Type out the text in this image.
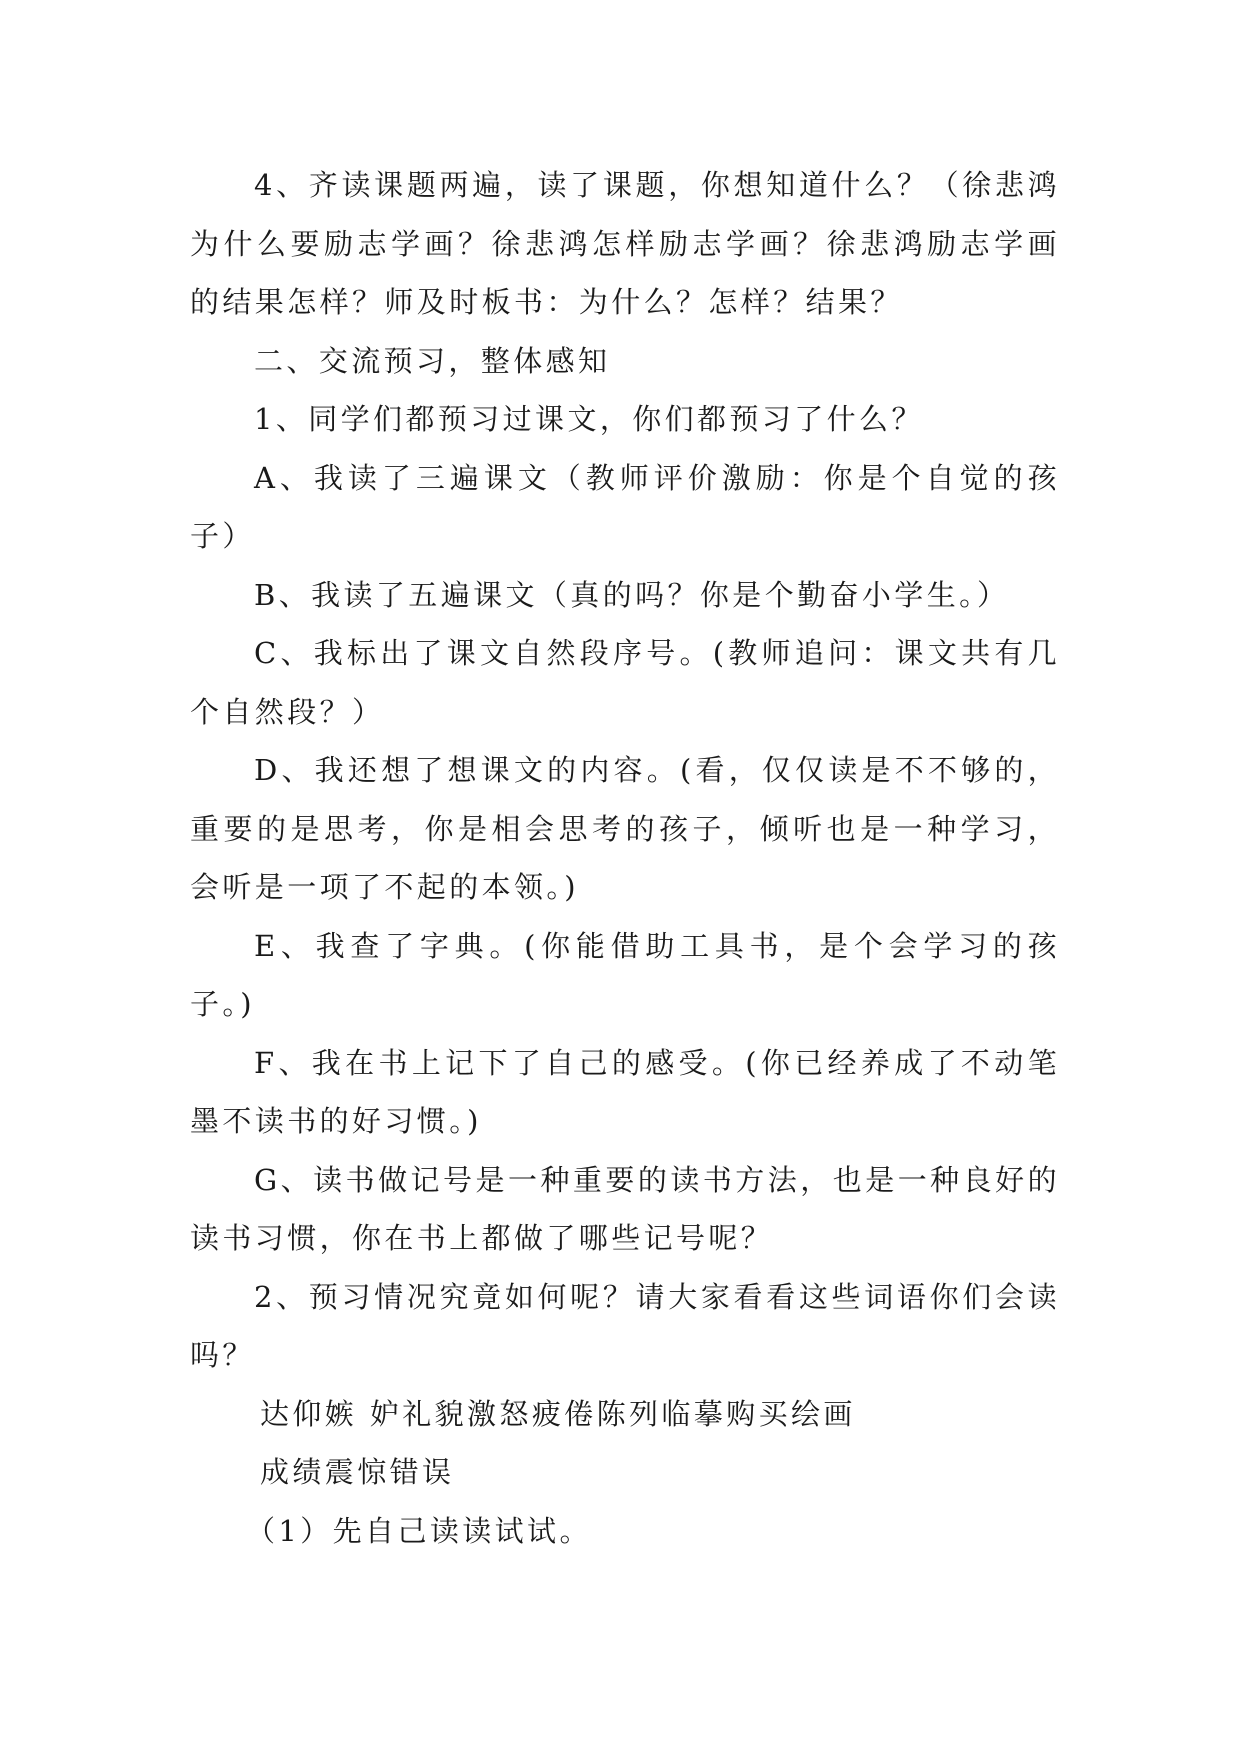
4、齐读课题两遍，读了课题，你想知道什么？（徐悲鸿为什么要励志学画？徐悲鸿怎样励志学画？徐悲鸿励志学画的结果怎样？师及时板书：为什么？怎样？结果？

二、交流预习，整体感知

1、同学们都预习过课文，你们都预习了什么？

A、我读了三遍课文（教师评价激励：你是个自觉的孩子）

B、我读了五遍课文（真的吗？你是个勤奋小学生。）

C、我标出了课文自然段序号。(教师追问：课文共有几个自然段？）

D、我还想了想课文的内容。(看，仅仅读是不不够的，重要的是思考，你是相会思考的孩子，倾听也是一种学习，会听是一项了不起的本领。)

E、我查了字典。(你能借助工具书，是个会学习的孩子。)

F、我在书上记下了自己的感受。(你已经养成了不动笔墨不读书的好习惯。)

G、读书做记号是一种重要的读书方法，也是一种良好的读书习惯，你在书上都做了哪些记号呢？

2、预习情况究竟如何呢？请大家看看这些词语你们会读吗？

达仰嫉 妒礼貌激怒疲倦陈列临摹购买绘画

成绩震惊错误

（1）先自己读读试试。
